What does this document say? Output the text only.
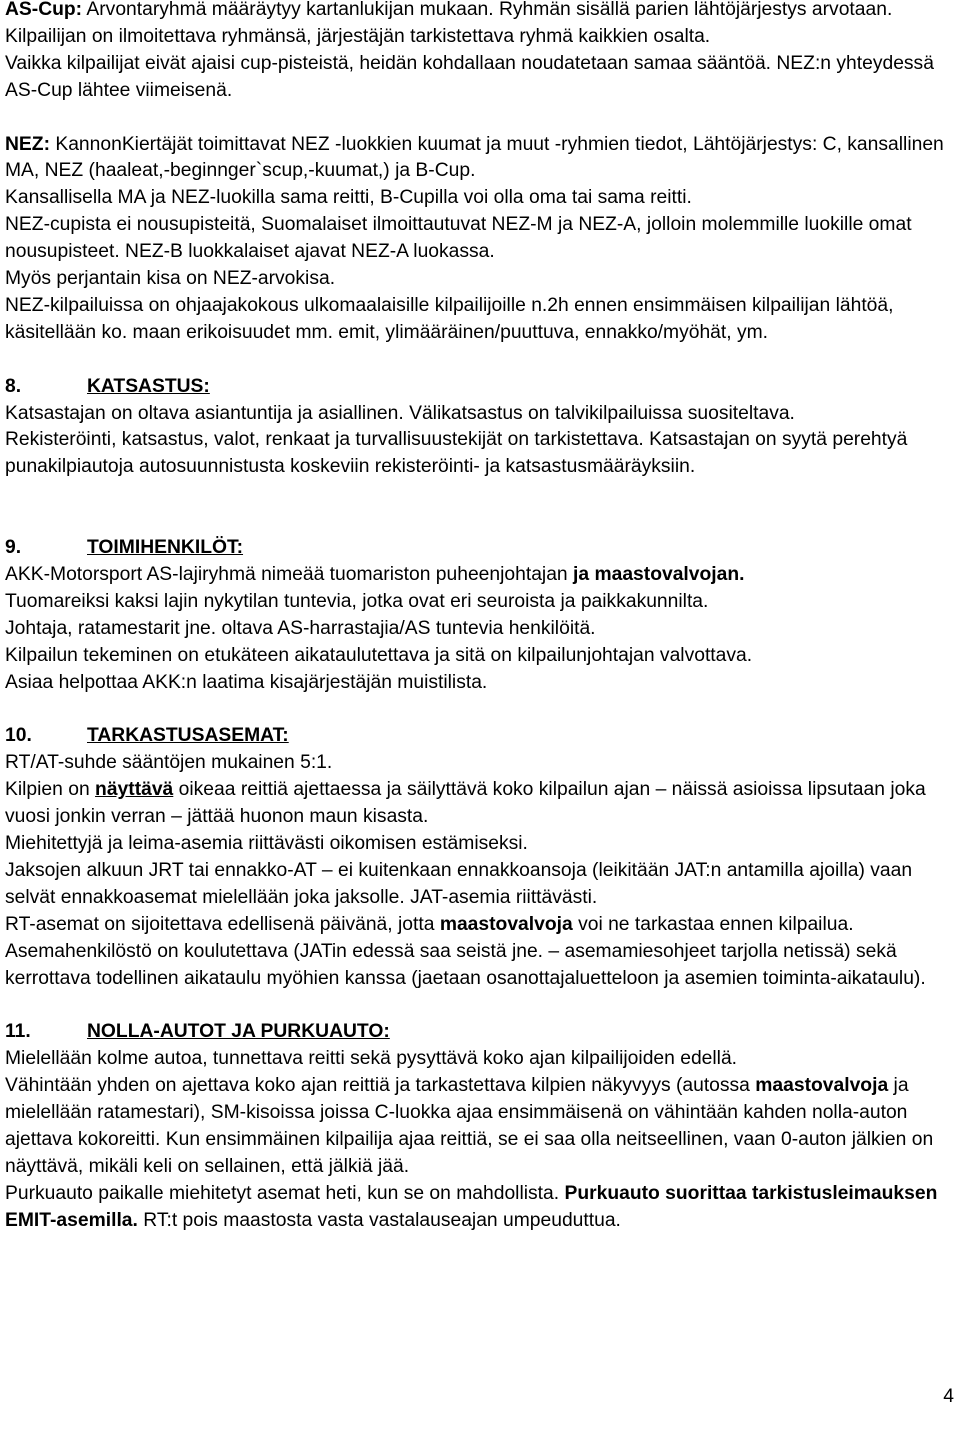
AS-Cup: Arvontaryhmä määräytyy kartanlukijan mukaan. Ryhmän sisällä parien lähtöjärjestys arvotaan. Kilpailijan on ilmoitettava ryhmänsä, järjestäjän tarkistettava ryhmä kaikkien osalta.

Vaikka kilpailijat eivät ajaisi cup-pisteistä, heidän kohdallaan noudatetaan samaa sääntöä. NEZ:n yhteydessä AS-Cup lähtee viimeisenä.

NEZ: KannonKiertäjät toimittavat NEZ -luokkien kuumat ja muut -ryhmien tiedot, Lähtöjärjestys: C, kansallinen MA, NEZ (haaleat,-beginnger`scup,-kuumat,) ja B-Cup.

Kansallisella MA ja NEZ-luokilla sama reitti, B-Cupilla voi olla oma tai sama reitti.

NEZ-cupista ei nousupisteitä, Suomalaiset ilmoittautuvat NEZ-M ja NEZ-A, jolloin molemmille luokille omat nousupisteet. NEZ-B luokkalaiset ajavat NEZ-A luokassa.

Myös perjantain kisa on NEZ-arvokisa.

NEZ-kilpailuissa on ohjaajakokous ulkomaalaisille kilpailijoille n.2h ennen ensimmäisen kilpailijan lähtöä, käsitellään ko. maan erikoisuudet mm. emit, ylimääräinen/puuttuva, ennakko/myöhät, ym.

8.	KATSASTUS:

Katsastajan on oltava asiantuntija ja asiallinen. Välikatsastus on talvikilpailuissa suositeltava.

Rekisteröinti, katsastus, valot, renkaat ja turvallisuustekijät on tarkistettava. Katsastajan on syytä perehtyä punakilpiautoja autosuunnistusta koskeviin rekisteröinti- ja katsastusmääräyksiin.

9.	TOIMIHENKILÖT:

AKK-Motorsport AS-lajiryhmä nimeää tuomariston puheenjohtajan ja maastovalvojan.

Tuomareiksi kaksi lajin nykytilan tuntevia, jotka ovat eri seuroista ja paikkakunnilta.

Johtaja, ratamestarit jne. oltava AS-harrastajia/AS tuntevia henkilöitä.

Kilpailun tekeminen on etukäteen aikataulutettava ja sitä on kilpailunjohtajan valvottava.

Asiaa helpottaa AKK:n laatima kisajärjestäjän muistilista.

10.	TARKASTUSASEMAT:

RT/AT-suhde sääntöjen mukainen 5:1.

Kilpien on näyttävä oikeaa reittiä ajettaessa ja säilyttävä koko kilpailun ajan – näissä asioissa lipsutaan joka vuosi jonkin verran – jättää huonon maun kisasta.

Miehitettyjä ja leima-asemia riittävästi oikomisen estämiseksi.

Jaksojen alkuun JRT tai ennakko-AT – ei kuitenkaan ennakkoansoja (leikitään JAT:n antamilla ajoilla) vaan selvät ennakkoasemat mielellään joka jaksolle. JAT-asemia riittävästi.

RT-asemat on sijoitettava edellisenä päivänä, jotta maastovalvoja voi ne tarkastaa ennen kilpailua.

Asemahenkilöstö on koulutettava (JATin edessä saa seistä jne. – asemamiesohjeet tarjolla netissä) sekä kerrottava todellinen aikataulu myöhien kanssa (jaetaan osanottajaluetteloon ja asemien toiminta-aikataulu).

11.	NOLLA-AUTOT JA PURKUAUTO:

Mielellään kolme autoa, tunnettava reitti sekä pysyttävä koko ajan kilpailijoiden edellä.

Vähintään yhden on ajettava koko ajan reittiä ja tarkastettava kilpien näkyvyys (autossa maastovalvoja ja mielellään ratamestari), SM-kisoissa joissa C-luokka ajaa ensimmäisenä on vähintään kahden nolla-auton ajettava kokoreitti. Kun ensimmäinen kilpailija ajaa reittiä, se ei saa olla neitseellinen, vaan 0-auton jälkien on näyttävä, mikäli keli on sellainen, että jälkiä jää.

Purkuauto paikalle miehitetyt asemat heti, kun se on mahdollista. Purkuauto suorittaa tarkistusleimauksen EMIT-asemilla. RT:t pois maastosta vasta vastalauseajan umpeuduttua.

4
